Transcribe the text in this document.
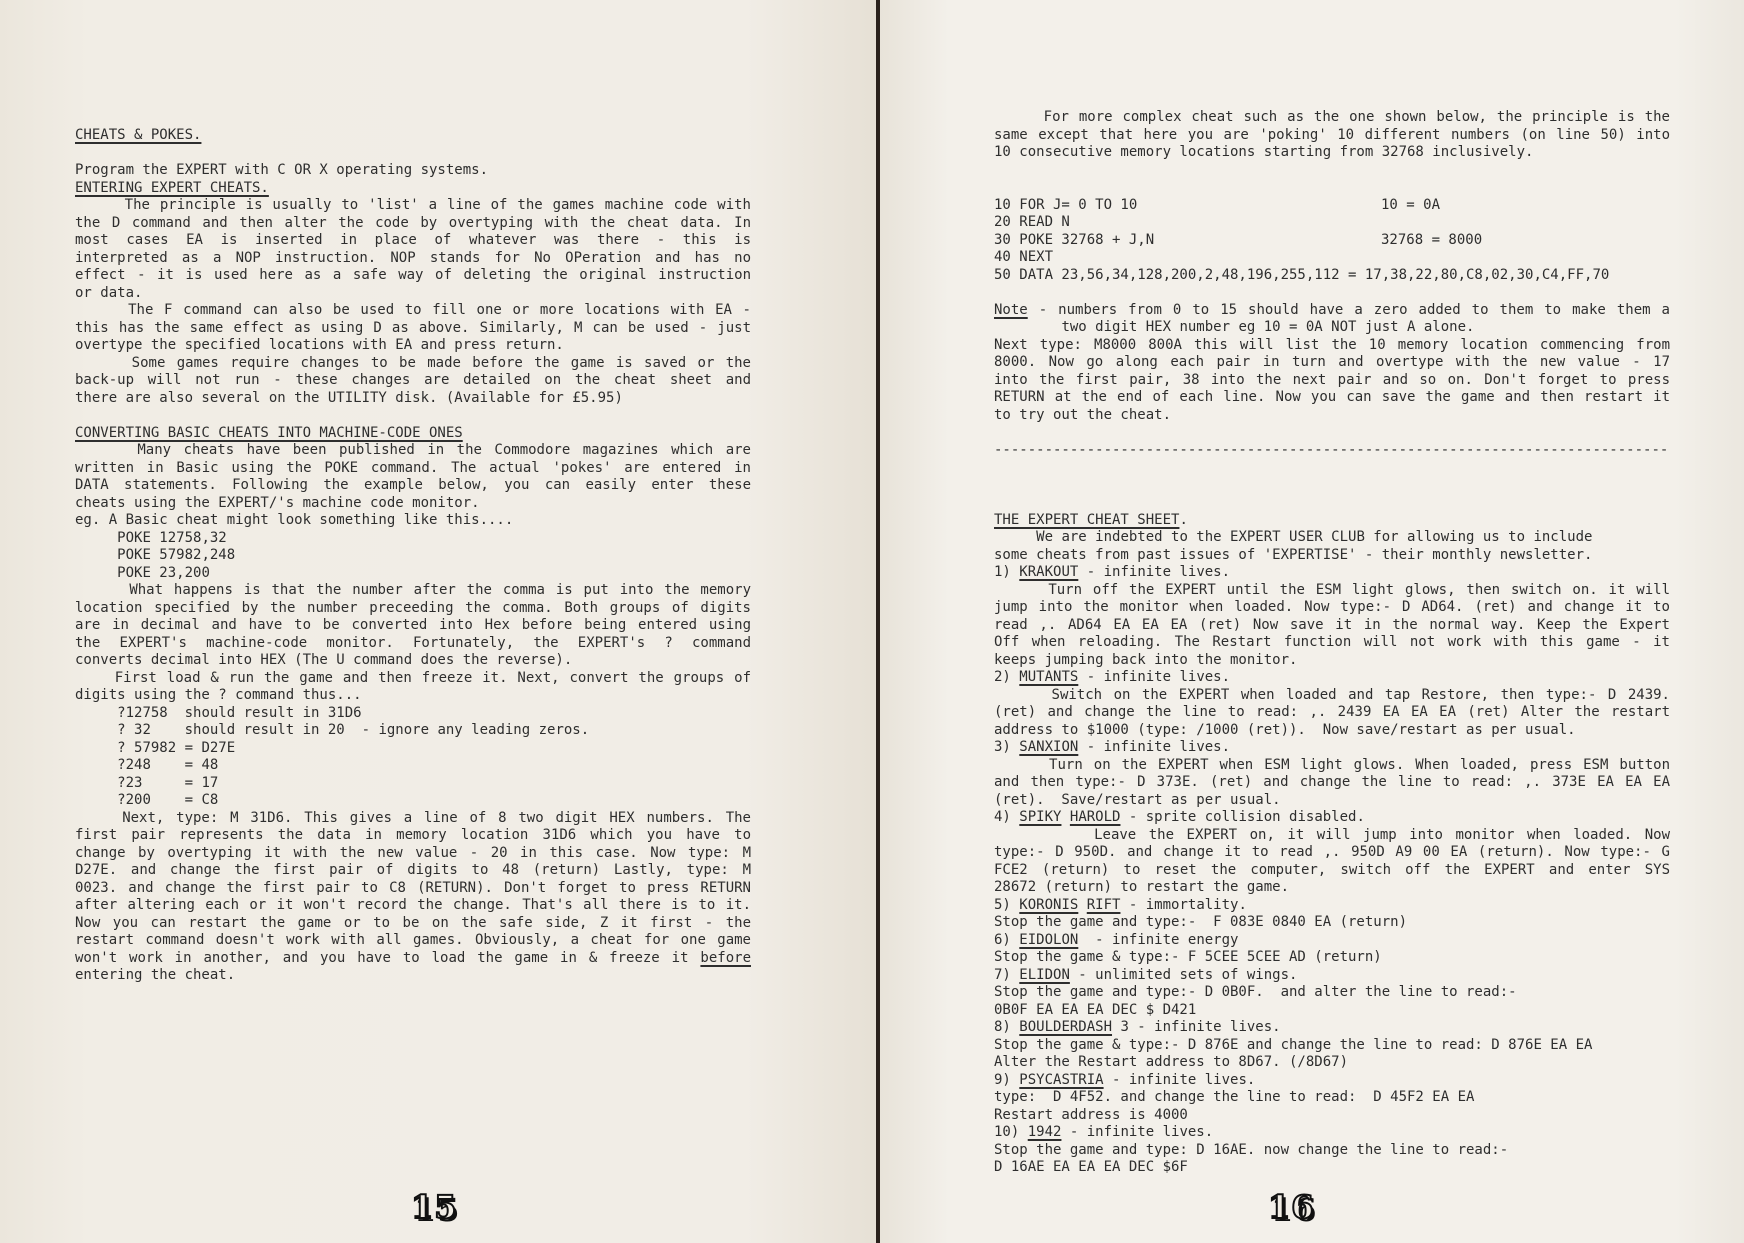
CHEATS & POKES.
Program the EXPERT with C OR X operating systems.
ENTERING EXPERT CHEATS.
The principle is usually to 'list' a line of the games machine code with
the D command and then alter the code by overtyping with the cheat data. In
most cases EA is inserted in place of whatever was there - this is
interpreted as a NOP instruction. NOP stands for No OPeration and has no
effect - it is used here as a safe way of deleting the original instruction
or data.
The F command can also be used to fill one or more locations with EA -
this has the same effect as using D as above. Similarly, M can be used - just
overtype the specified locations with EA and press return.
Some games require changes to be made before the game is saved or the
back-up will not run - these changes are detailed on the cheat sheet and
there are also several on the UTILITY disk. (Available for £5.95)
CONVERTING BASIC CHEATS INTO MACHINE-CODE ONES
Many cheats have been published in the Commodore magazines which are
written in Basic using the POKE command. The actual 'pokes' are entered in
DATA statements. Following the example below, you can easily enter these
cheats using the EXPERT/'s machine code monitor.
eg. A Basic cheat might look something like this....
POKE 12758,32
POKE 57982,248
POKE 23,200
What happens is that the number after the comma is put into the memory
location specified by the number preceeding the comma. Both groups of digits
are in decimal and have to be converted into Hex before being entered using
the EXPERT's machine-code monitor. Fortunately, the EXPERT's ? command
converts decimal into HEX (The U command does the reverse).
First load & run the game and then freeze it. Next, convert the groups of
digits using the ? command thus...
?12758  should result in 31D6
? 32    should result in 20  - ignore any leading zeros.
? 57982 = D27E
?248    = 48
?23     = 17
?200    = C8
Next, type: M 31D6. This gives a line of 8 two digit HEX numbers. The
first pair represents the data in memory location 31D6 which you have to
change by overtyping it with the new value - 20 in this case. Now type: M
D27E. and change the first pair of digits to 48 (return) Lastly, type: M
0023. and change the first pair to C8 (RETURN). Don't forget to press RETURN
after altering each or it won't record the change. That's all there is to it.
Now you can restart the game or to be on the safe side, Z it first - the
restart command doesn't work with all games. Obviously, a cheat for one game
won't work in another, and you have to load the game in & freeze it before
entering the cheat.
For more complex cheat such as the one shown below, the principle is the
same except that here you are 'poking' 10 different numbers (on line 50) into
10 consecutive memory locations starting from 32768 inclusively.
10 FOR J= 0 TO 10	10 = 0A
20 READ N
30 POKE 32768 + J,N	32768 = 8000
40 NEXT
50 DATA 23,56,34,128,200,2,48,196,255,112 = 17,38,22,80,C8,02,30,C4,FF,70
Note - numbers from 0 to 15 should have a zero added to them to make them a
two digit HEX number eg 10 = 0A NOT just A alone.
Next type: M8000 800A this will list the 10 memory location commencing from
8000. Now go along each pair in turn and overtype with the new value - 17
into the first pair, 38 into the next pair and so on. Don't forget to press
RETURN at the end of each line. Now you can save the game and then restart it
to try out the cheat.
--------------------------------------------------------------------------------
THE EXPERT CHEAT SHEET.
We are indebted to the EXPERT USER CLUB for allowing us to include
some cheats from past issues of 'EXPERTISE' - their monthly newsletter.
1) KRAKOUT - infinite lives.
Turn off the EXPERT until the ESM light glows, then switch on. it will
jump into the monitor when loaded. Now type:- D AD64. (ret) and change it to
read ,. AD64 EA EA EA (ret) Now save it in the normal way. Keep the Expert
Off when reloading. The Restart function will not work with this game - it
keeps jumping back into the monitor.
2) MUTANTS - infinite lives.
Switch on the EXPERT when loaded and tap Restore, then type:- D 2439.
(ret) and change the line to read: ,. 2439 EA EA EA (ret) Alter the restart
address to $1000 (type: /1000 (ret)).  Now save/restart as per usual.
3) SANXION - infinite lives.
Turn on the EXPERT when ESM light glows. When loaded, press ESM button
and then type:- D 373E. (ret) and change the line to read: ,. 373E EA EA EA
(ret).  Save/restart as per usual.
4) SPIKY HAROLD - sprite collision disabled.
Leave the EXPERT on, it will jump into monitor when loaded. Now
type:- D 950D. and change it to read ,. 950D A9 00 EA (return). Now type:- G
FCE2 (return) to reset the computer, switch off the EXPERT and enter SYS
28672 (return) to restart the game.
5) KORONIS RIFT - immortality.
Stop the game and type:-  F 083E 0840 EA (return)
6) EIDOLON  - infinite energy
Stop the game & type:- F 5CEE 5CEE AD (return)
7) ELIDON - unlimited sets of wings.
Stop the game and type:- D 0B0F.  and alter the line to read:-
0B0F EA EA EA DEC $ D421
8) BOULDERDASH 3 - infinite lives.
Stop the game & type:- D 876E and change the line to read: D 876E EA EA
Alter the Restart address to 8D67. (/8D67)
9) PSYCASTRIA - infinite lives.
type:  D 4F52. and change the line to read:  D 45F2 EA EA
Restart address is 4000
10) 1942 - infinite lives.
Stop the game and type: D 16AE. now change the line to read:-
D 16AE EA EA EA DEC $6F
15	16
